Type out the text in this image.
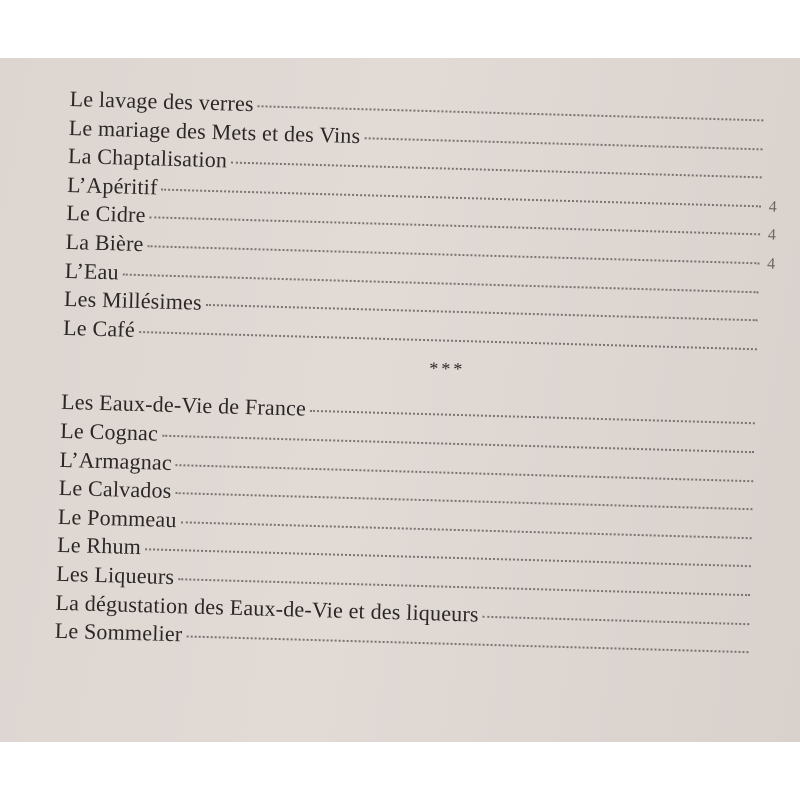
Le lavage des verres
Le mariage des Mets et des Vins
La Chaptalisation
L’Apéritif
4
Le Cidre
4
La Bière
4
L’Eau
Les Millésimes
Le Café
***
Les Eaux-de-Vie de France
Le Cognac
L’Armagnac
Le Calvados
Le Pommeau
Le Rhum
Les Liqueurs
La dégustation des Eaux-de-Vie et des liqueurs
Le Sommelier
